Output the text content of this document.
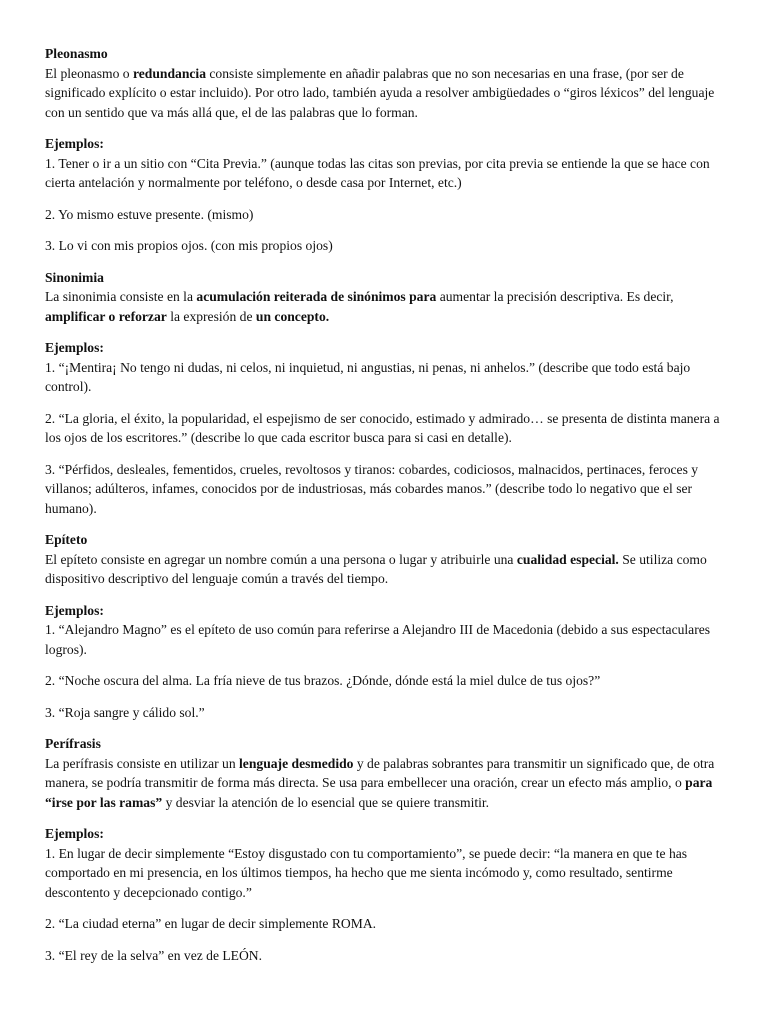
Pleonasmo

El pleonasmo o redundancia consiste simplemente en añadir palabras que no son necesarias en una frase, (por ser de significado explícito o estar incluido). Por otro lado, también ayuda a resolver ambigüedades o “giros léxicos” del lenguaje con un sentido que va más allá que, el de las palabras que lo forman.

Ejemplos:

1. Tener o ir a un sitio con “Cita Previa.” (aunque todas las citas son previas, por cita previa se entiende la que se hace con cierta antelación y normalmente por teléfono, o desde casa por Internet, etc.)

2. Yo mismo estuve presente. (mismo)

3. Lo vi con mis propios ojos. (con mis propios ojos)

Sinonimia

La sinonimia consiste en la acumulación reiterada de sinónimos para aumentar la precisión descriptiva. Es decir, amplificar o reforzar la expresión de un concepto.

Ejemplos:

1. “¡Mentira¡ No tengo ni dudas, ni celos, ni inquietud, ni angustias, ni penas, ni anhelos.” (describe que todo está bajo control).

2. “La gloria, el éxito, la popularidad, el espejismo de ser conocido, estimado y admirado… se presenta de distinta manera a los ojos de los escritores.” (describe lo que cada escritor busca para si casi en detalle).

3. “Pérfidos, desleales, fementidos, crueles, revoltosos y tiranos: cobardes, codiciosos, malnacidos, pertinaces, feroces y villanos; adúlteros, infames, conocidos por de industriosas, más cobardes manos.” (describe todo lo negativo que el ser humano).

Epíteto

El epíteto consiste en agregar un nombre común a una persona o lugar y atribuirle una cualidad especial. Se utiliza como dispositivo descriptivo del lenguaje común a través del tiempo.

Ejemplos:

1. “Alejandro Magno” es el epíteto de uso común para referirse a Alejandro III de Macedonia (debido a sus espectaculares logros).

2. “Noche oscura del alma. La fría nieve de tus brazos. ¿Dónde, dónde está la miel dulce de tus ojos?”

3. “Roja sangre y cálido sol.”

Perífrasis

La perífrasis consiste en utilizar un lenguaje desmedido y de palabras sobrantes para transmitir un significado que, de otra manera, se podría transmitir de forma más directa. Se usa para embellecer una oración, crear un efecto más amplio, o para “irse por las ramas” y desviar la atención de lo esencial que se quiere transmitir.

Ejemplos:

1. En lugar de decir simplemente “Estoy disgustado con tu comportamiento”, se puede decir: “la manera en que te has comportado en mi presencia, en los últimos tiempos, ha hecho que me sienta incómodo y, como resultado, sentirme descontento y decepcionado contigo.”

2. “La ciudad eterna” en lugar de decir simplemente ROMA.

3. “El rey de la selva” en vez de LEÓN.
